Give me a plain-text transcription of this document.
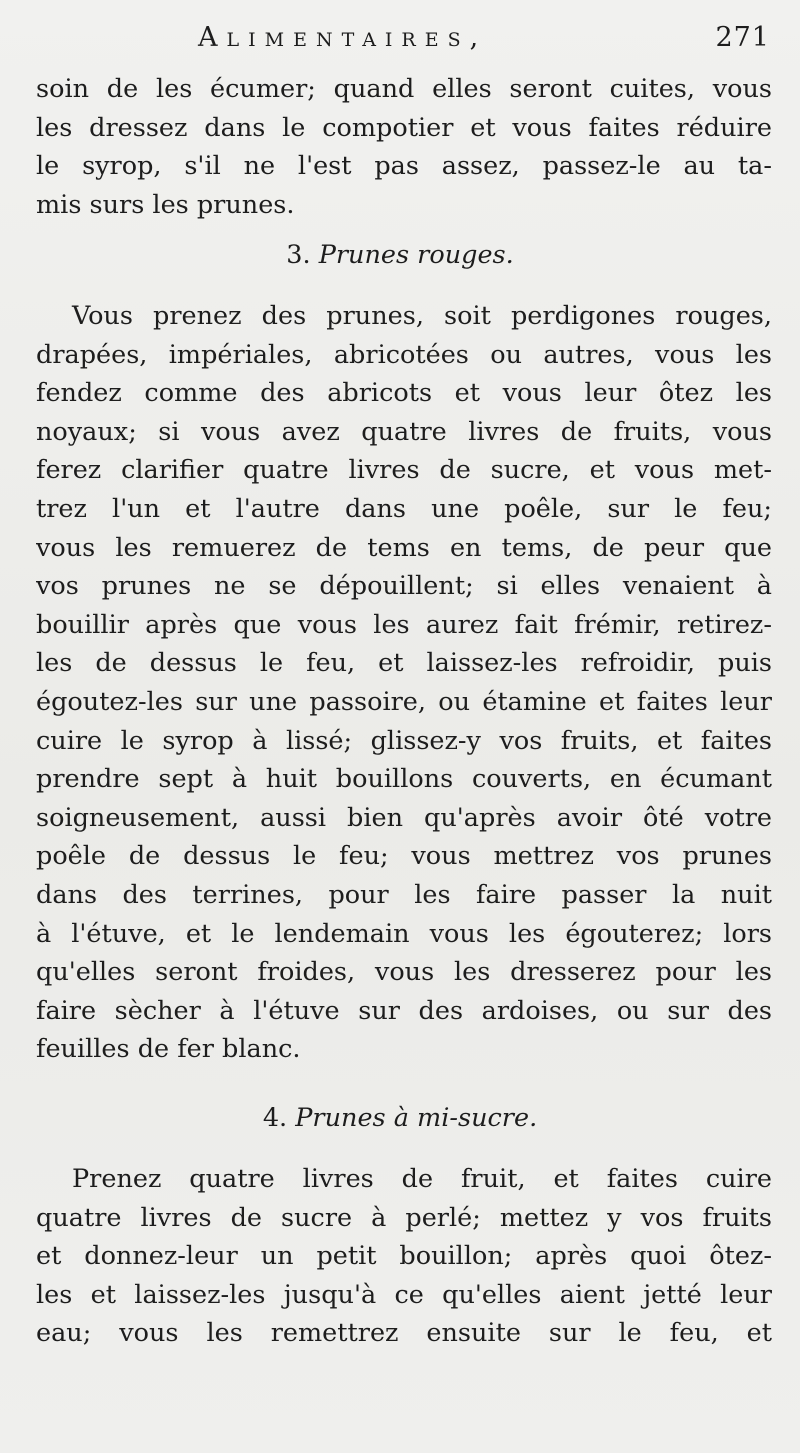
Alimentaires,	271
soin de les écumer; quand elles seront cuites, vous
les dressez dans le compotier et vous faites réduire
le syrop, s'il ne l'est pas assez, passez-le au ta-
mis surs les prunes.
3. Prunes rouges.
Vous prenez des prunes, soit perdigones rouges,
drapées, impériales, abricotées ou autres, vous les
fendez comme des abricots et vous leur ôtez les
noyaux; si vous avez quatre livres de fruits, vous
ferez clarifier quatre livres de sucre, et vous met-
trez l'un et l'autre dans une poêle, sur le feu;
vous les remuerez de tems en tems, de peur que
vos prunes ne se dépouillent; si elles venaient à
bouillir après que vous les aurez fait frémir, retirez-
les de dessus le feu, et laissez-les refroidir, puis
égoutez-les sur une passoire, ou étamine et faites leur
cuire le syrop à lissé; glissez-y vos fruits, et faites
prendre sept à huit bouillons couverts, en écumant
soigneusement, aussi bien qu'après avoir ôté votre
poêle de dessus le feu; vous mettrez vos prunes
dans des terrines, pour les faire passer la nuit
à l'étuve, et le lendemain vous les égouterez; lors
qu'elles seront froides, vous les dresserez pour les
faire sècher à l'étuve sur des ardoises, ou sur des
feuilles de fer blanc.
4. Prunes à mi-sucre.
Prenez quatre livres de fruit, et faites cuire
quatre livres de sucre à perlé; mettez y vos fruits
et donnez-leur un petit bouillon; après quoi ôtez-
les et laissez-les jusqu'à ce qu'elles aient jetté leur
eau; vous les remettrez ensuite sur le feu, et
